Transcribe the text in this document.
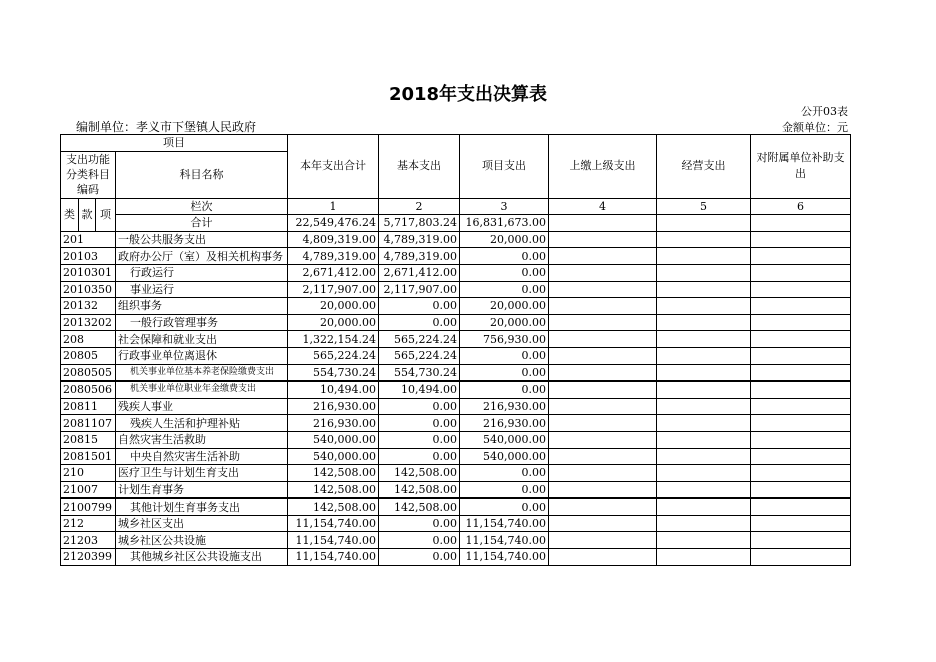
2018年支出决算表
公开03表
编制单位：孝义市下堡镇人民政府	金额单位：元
项目				本年支出合计	基本支出	项目支出	上缴上级支出	经营支出	对附属单位补助支出
支出功能分类科目编码			科目名称						

类	款	项	栏次	1	2	3	4	5	6
			合计	22,549,476.24	5,717,803.24	16,831,673.00			
201			一般公共服务支出	4,809,319.00	4,789,319.00	20,000.00			
20103			政府办公厅（室）及相关机构事务	4,789,319.00	4,789,319.00	0.00			
2010301			行政运行	2,671,412.00	2,671,412.00	0.00			
2010350			事业运行	2,117,907.00	2,117,907.00	0.00			
20132			组织事务	20,000.00	0.00	20,000.00			
2013202			一般行政管理事务	20,000.00	0.00	20,000.00			
208			社会保障和就业支出	1,322,154.24	565,224.24	756,930.00			
20805			行政事业单位离退休	565,224.24	565,224.24	0.00			
2080505			机关事业单位基本养老保险缴费支出	554,730.24	554,730.24	0.00			
2080506			机关事业单位职业年金缴费支出	10,494.00	10,494.00	0.00			
20811			残疾人事业	216,930.00	0.00	216,930.00			
2081107			残疾人生活和护理补贴	216,930.00	0.00	216,930.00			
20815			自然灾害生活救助	540,000.00	0.00	540,000.00			
2081501			中央自然灾害生活补助	540,000.00	0.00	540,000.00			
210			医疗卫生与计划生育支出	142,508.00	142,508.00	0.00			
21007			计划生育事务	142,508.00	142,508.00	0.00			
2100799			其他计划生育事务支出	142,508.00	142,508.00	0.00			
212			城乡社区支出	11,154,740.00	0.00	11,154,740.00			
21203			城乡社区公共设施	11,154,740.00	0.00	11,154,740.00			
2120399			其他城乡社区公共设施支出	11,154,740.00	0.00	11,154,740.00			
